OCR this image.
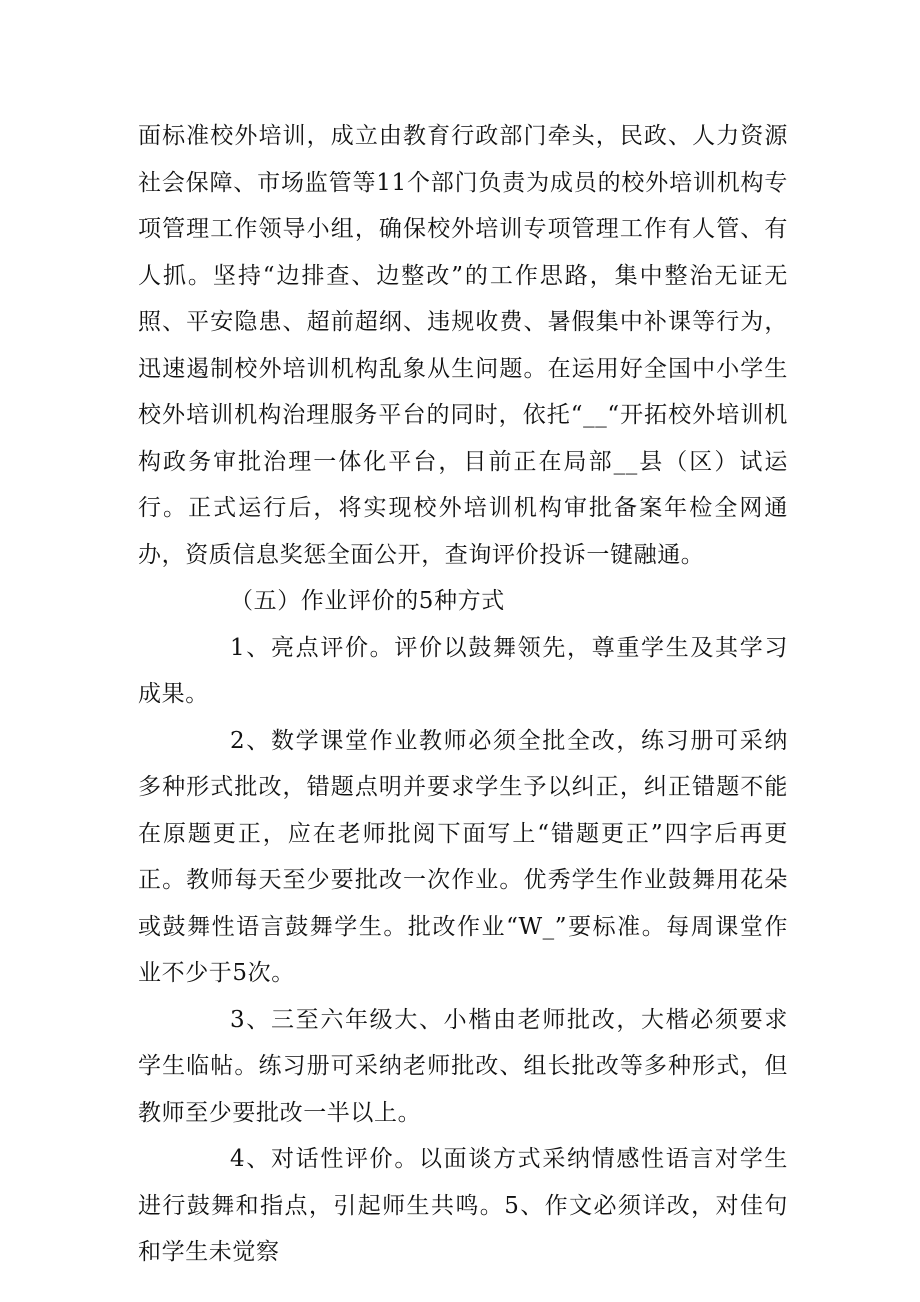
面标准校外培训，成立由教育行政部门牵头，民政、人力资源社会保障、市场监管等11个部门负责为成员的校外培训机构专项管理工作领导小组，确保校外培训专项管理工作有人管、有人抓。坚持“边排查、边整改”的工作思路，集中整治无证无照、平安隐患、超前超纲、违规收费、暑假集中补课等行为，迅速遏制校外培训机构乱象从生问题。在运用好全国中小学生校外培训机构治理服务平台的同时，依托“__“开拓校外培训机构政务审批治理一体化平台，目前正在局部__县（区）试运行。正式运行后，将实现校外培训机构审批备案年检全网通办，资质信息奖惩全面公开，查询评价投诉一键融通。

（五）作业评价的5种方式

1、亮点评价。评价以鼓舞领先，尊重学生及其学习成果。

2、数学课堂作业教师必须全批全改，练习册可采纳多种形式批改，错题点明并要求学生予以纠正，纠正错题不能在原题更正，应在老师批阅下面写上“错题更正”四字后再更正。教师每天至少要批改一次作业。优秀学生作业鼓舞用花朵或鼓舞性语言鼓舞学生。批改作业“W_”要标准。每周课堂作业不少于5次。

3、三至六年级大、小楷由老师批改，大楷必须要求学生临帖。练习册可采纳老师批改、组长批改等多种形式，但教师至少要批改一半以上。

4、对话性评价。以面谈方式采纳情感性语言对学生进行鼓舞和指点，引起师生共鸣。5、作文必须详改，对佳句和学生未觉察
